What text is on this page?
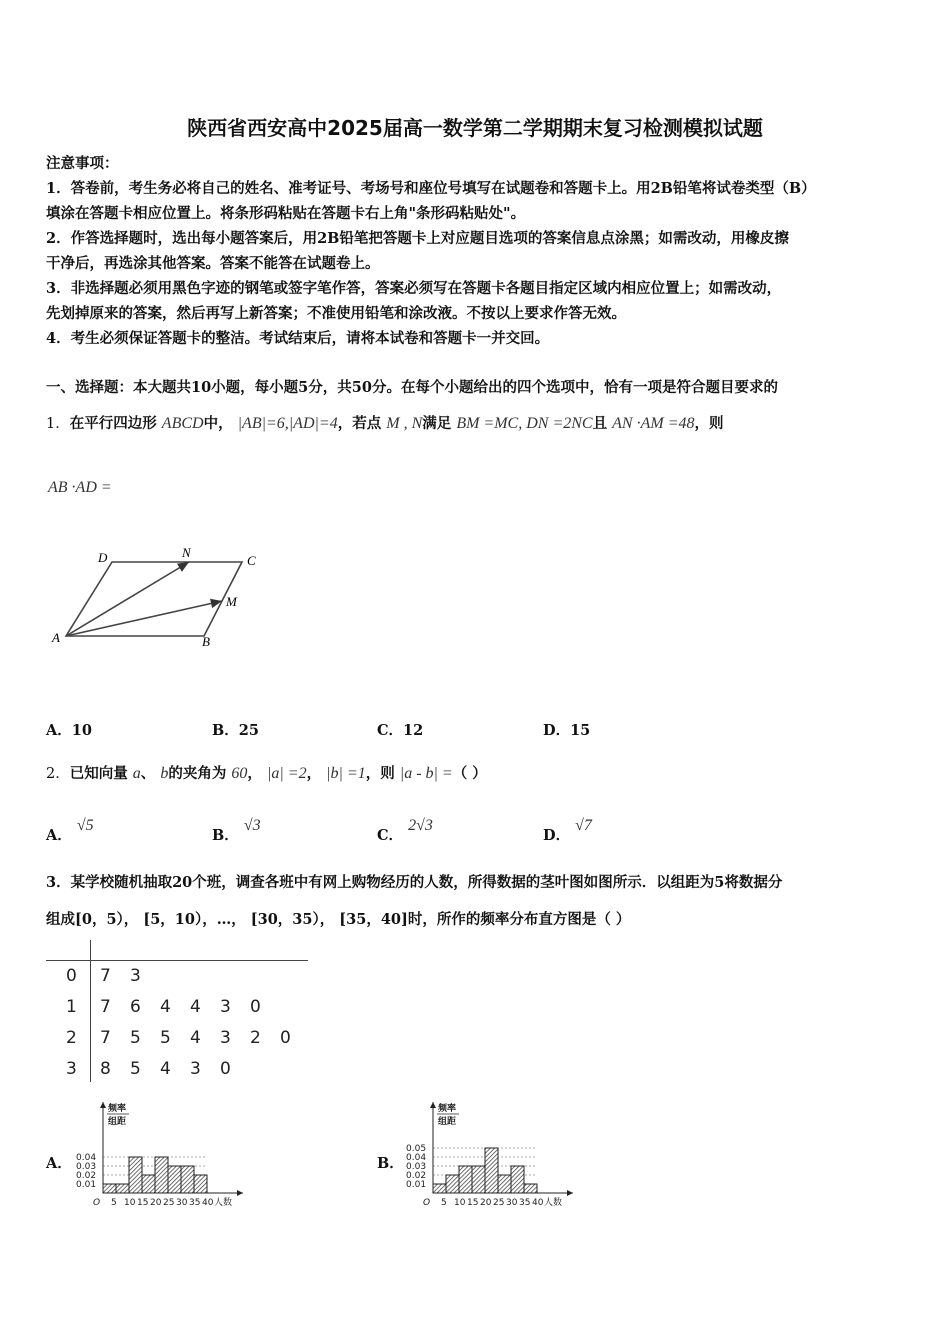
陕西省西安高中2025届高一数学第二学期期末复习检测模拟试题
注意事项：
1．答卷前，考生务必将自己的姓名、准考证号、考场号和座位号填写在试题卷和答题卡上。用2B铅笔将试卷类型（B）
填涂在答题卡相应位置上。将条形码粘贴在答题卡右上角"条形码粘贴处"。
2．作答选择题时，选出每小题答案后，用2B铅笔把答题卡上对应题目选项的答案信息点涂黑；如需改动，用橡皮擦
干净后，再选涂其他答案。答案不能答在试题卷上。
3．非选择题必须用黑色字迹的钢笔或签字笔作答，答案必须写在答题卡各题目指定区域内相应位置上；如需改动，
先划掉原来的答案，然后再写上新答案；不准使用铅笔和涂改液。不按以上要求作答无效。
4．考生必须保证答题卡的整洁。考试结束后，请将本试卷和答题卡一并交回。
一、选择题：本大题共10小题，每小题5分，共50分。在每个小题给出的四个选项中，恰有一项是符合题目要求的
1．在平行四边形 ABCD中， |AB|=6,|AD|=4，若点 M , N满足 BM =MC, DN =2NC且 AN ·AM =48，则
AB ·AD =
A	B
C
D
M
N
A．10	B．25	C．12	D．15
2．已知向量 a、 b的夹角为 60， |a| =2， |b| =1，则 |a - b| =（ ）
A． √5
B． √3
C． 2√3
D． √7
3．某学校随机抽取20个班，调查各班中有网上购物经历的人数，所得数据的茎叶图如图所示．以组距为5将数据分
组成[0，5）， [5，10），…， [30，35）， [35，40]时，所作的频率分布直方图是（ ）
0 7 3
1 7 6 4 4 3 0
2 7 5 5 4 3 2 0
3 8 5 4 3 0
A．
频率
组距
0.01
0.02
0.03
0.04
O 5 10 15 20 25 30 35 40 人数
B．
频率
组距
0.01
0.02
0.03
0.04
0.05
O 5 10 15 20 25 30 35 40 人数
